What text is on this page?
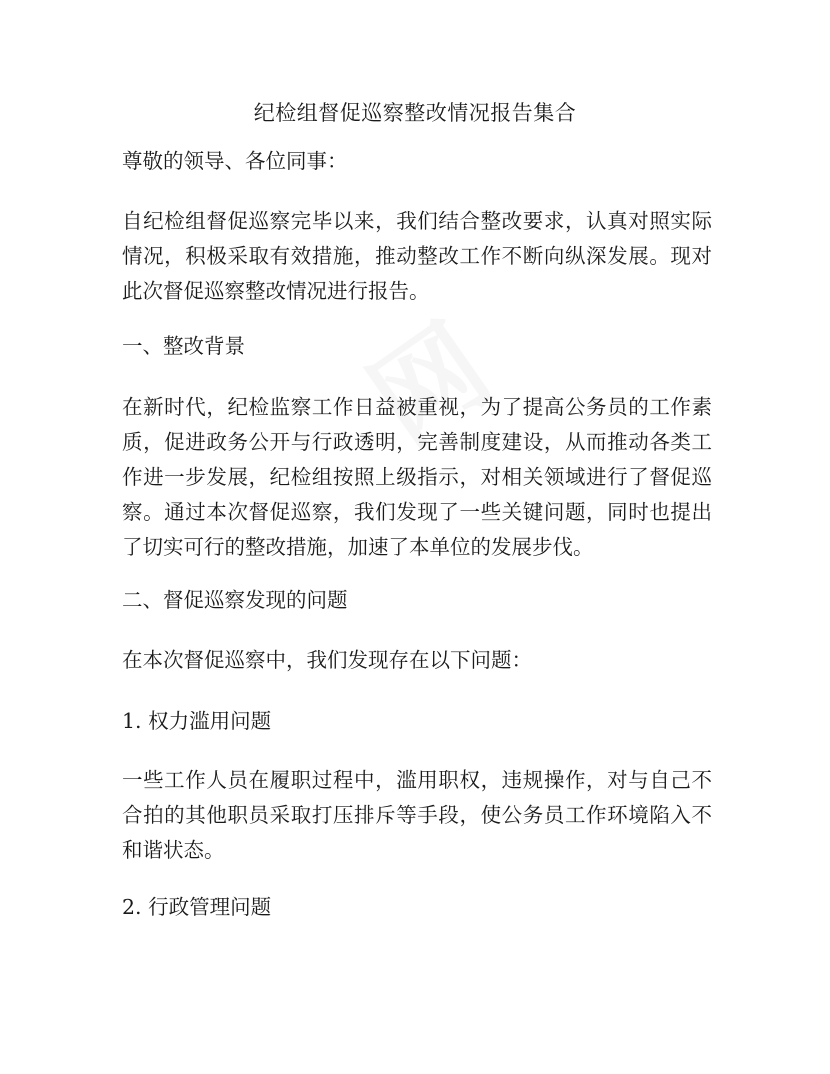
纪检组督促巡察整改情况报告集合

尊敬的领导、各位同事：

自纪检组督促巡察完毕以来，我们结合整改要求，认真对照实际情况，积极采取有效措施，推动整改工作不断向纵深发展。现对此次督促巡察整改情况进行报告。

一、整改背景

在新时代，纪检监察工作日益被重视，为了提高公务员的工作素质，促进政务公开与行政透明，完善制度建设，从而推动各类工作进一步发展，纪检组按照上级指示，对相关领域进行了督促巡察。通过本次督促巡察，我们发现了一些关键问题，同时也提出了切实可行的整改措施，加速了本单位的发展步伐。

二、督促巡察发现的问题

在本次督促巡察中，我们发现存在以下问题：

1. 权力滥用问题

一些工作人员在履职过程中，滥用职权，违规操作，对与自己不合拍的其他职员采取打压排斥等手段，使公务员工作环境陷入不和谐状态。

2. 行政管理问题
